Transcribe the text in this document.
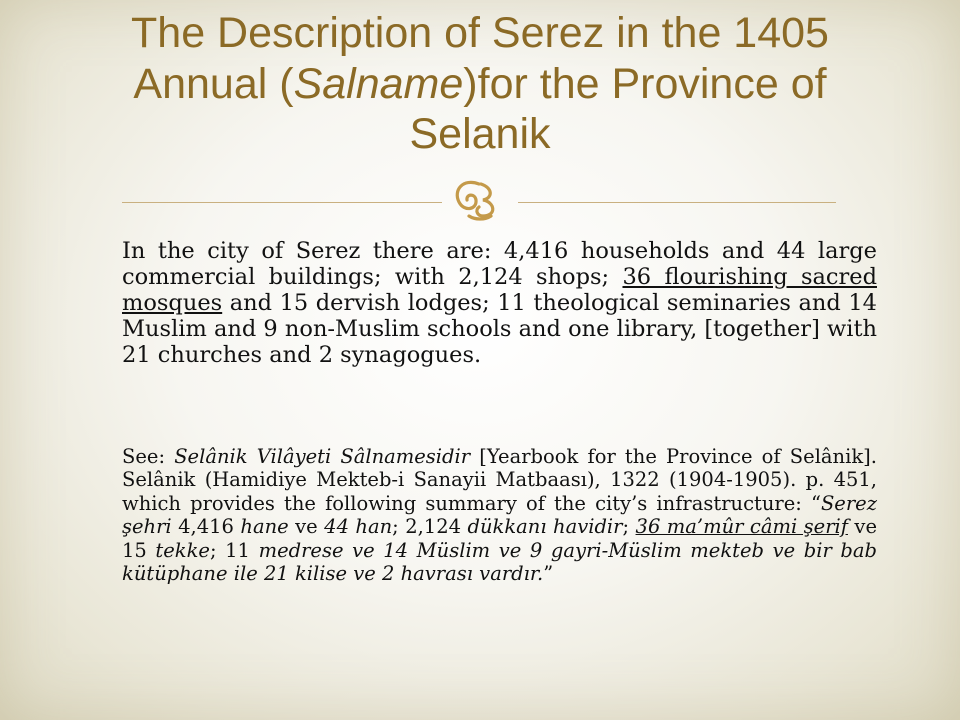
The Description of Serez in the 1405
Annual (Salname)for the Province of
Selanik

In the city of Serez there are: 4,416 households and 44 large commercial buildings; with 2,124 shops; 36 flourishing sacred mosques and 15 dervish lodges; 11 theological seminaries and 14 Muslim and 9 non-Muslim schools and one library, [together] with 21 churches and 2 synagogues.

See: Selânik Vilâyeti Sâlnamesidir [Yearbook for the Province of Selânik]. Selânik (Hamidiye Mekteb-i Sanayii Matbaası), 1322 (1904-1905). p. 451, which provides the following summary of the city’s infrastructure: “Serez şehri 4,416 hane ve 44 han; 2,124 dükkanı havidir; 36 ma’mûr câmi şerif ve 15 tekke; 11 medrese ve 14 Müslim ve 9 gayri-Müslim mekteb ve bir bab kütüphane ile 21 kilise ve 2 havrası vardır.”
